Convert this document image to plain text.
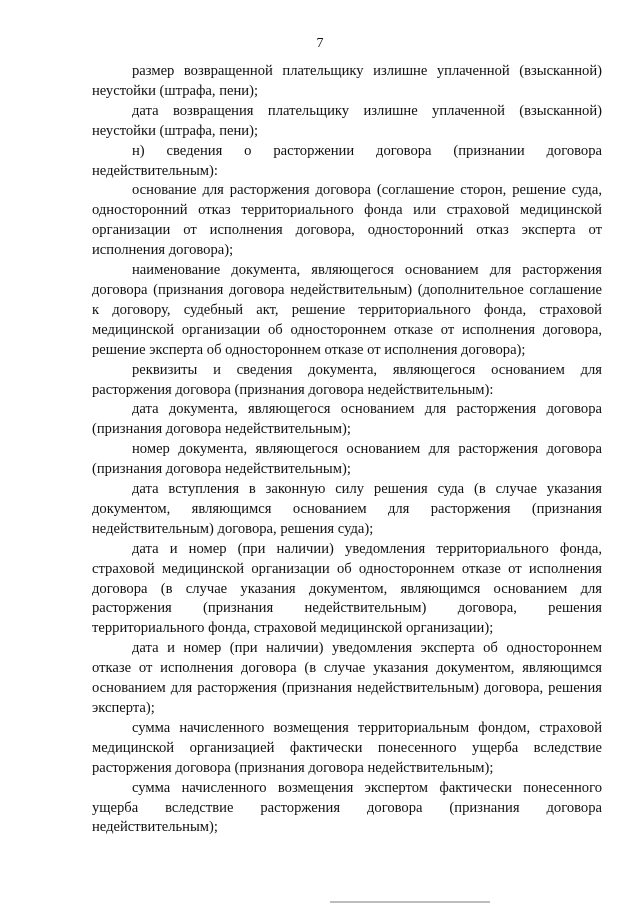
7

размер возвращенной плательщику излишне уплаченной (взысканной) неустойки (штрафа, пени);

дата возвращения плательщику излишне уплаченной (взысканной) неустойки (штрафа, пени);

н) сведения о расторжении договора (признании договора недействительным):

основание для расторжения договора (соглашение сторон, решение суда, односторонний отказ территориального фонда или страховой медицинской организации от исполнения договора, односторонний отказ эксперта от исполнения договора);

наименование документа, являющегося основанием для расторжения договора (признания договора недействительным) (дополнительное соглашение к договору, судебный акт, решение территориального фонда, страховой медицинской организации об одностороннем отказе от исполнения договора, решение эксперта об одностороннем отказе от исполнения договора);

реквизиты и сведения документа, являющегося основанием для расторжения договора (признания договора недействительным):

дата документа, являющегося основанием для расторжения договора (признания договора недействительным);

номер документа, являющегося основанием для расторжения договора (признания договора недействительным);

дата вступления в законную силу решения суда (в случае указания документом, являющимся основанием для расторжения (признания недействительным) договора, решения суда);

дата и номер (при наличии) уведомления территориального фонда, страховой медицинской организации об одностороннем отказе от исполнения договора (в случае указания документом, являющимся основанием для расторжения (признания недействительным) договора, решения территориального фонда, страховой медицинской организации);

дата и номер (при наличии) уведомления эксперта об одностороннем отказе от исполнения договора (в случае указания документом, являющимся основанием для расторжения (признания недействительным) договора, решения эксперта);

сумма начисленного возмещения территориальным фондом, страховой медицинской организацией фактически понесенного ущерба вследствие расторжения договора (признания договора недействительным);

сумма начисленного возмещения экспертом фактически понесенного ущерба вследствие расторжения договора (признания договора недействительным);
